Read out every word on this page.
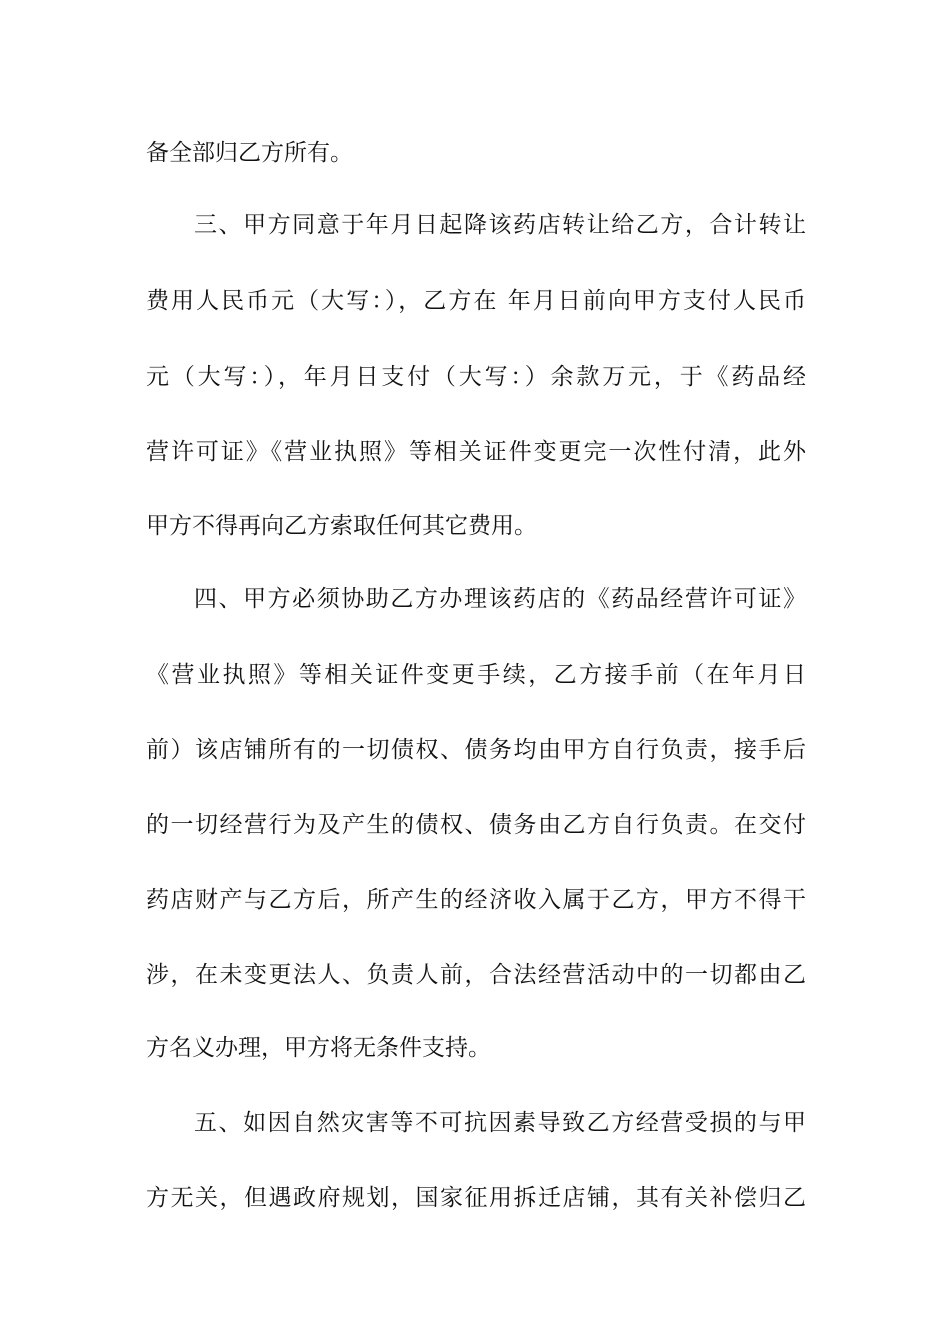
备全部归乙方所有。
三、甲方同意于年月日起降该药店转让给乙方，合计转让
费用人民币元（大写：），乙方在 年月日前向甲方支付人民币
元（大写：），年月日支付（大写：）余款万元，于《药品经
营许可证》《营业执照》等相关证件变更完一次性付清，此外
甲方不得再向乙方索取任何其它费用。
四、甲方必须协助乙方办理该药店的《药品经营许可证》
《营业执照》等相关证件变更手续，乙方接手前（在年月日
前）该店铺所有的一切债权、债务均由甲方自行负责，接手后
的一切经营行为及产生的债权、债务由乙方自行负责。在交付
药店财产与乙方后，所产生的经济收入属于乙方，甲方不得干
涉，在未变更法人、负责人前，合法经营活动中的一切都由乙
方名义办理，甲方将无条件支持。
五、如因自然灾害等不可抗因素导致乙方经营受损的与甲
方无关，但遇政府规划，国家征用拆迁店铺，其有关补偿归乙
